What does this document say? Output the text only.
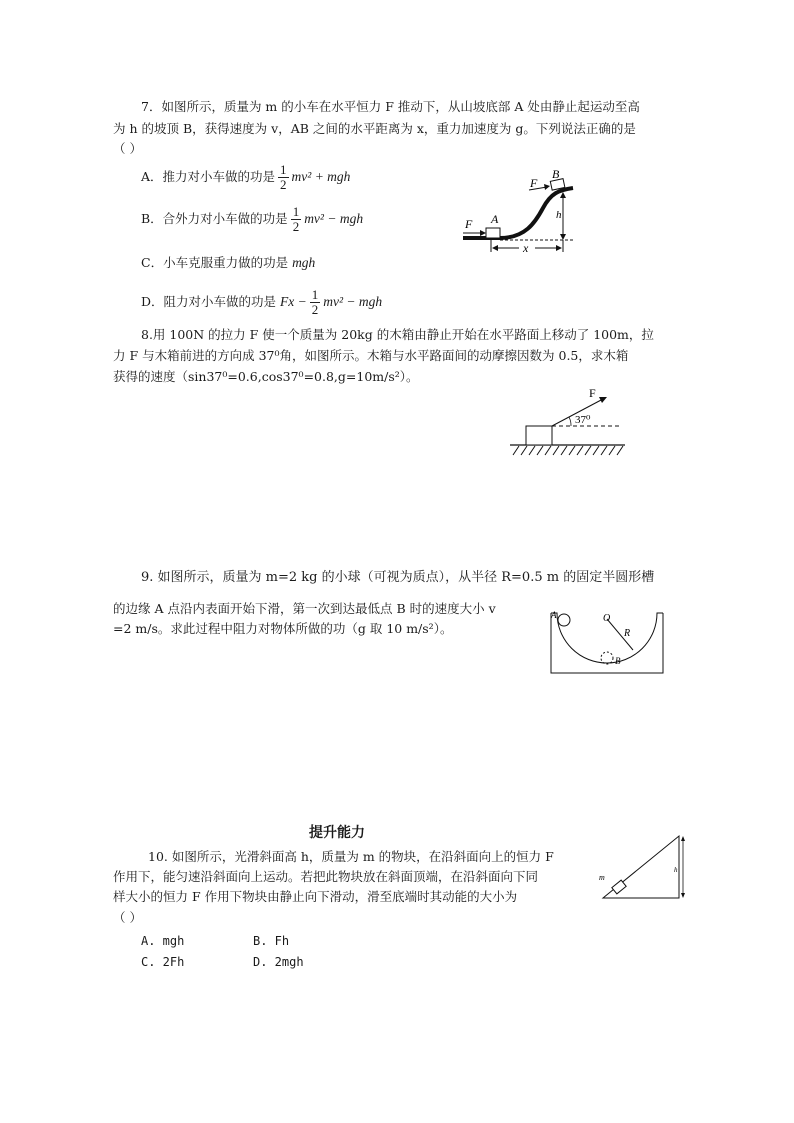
7．如图所示，质量为 m 的小车在水平恒力 F 推动下，从山坡底部 A 处由静止起运动至高
为 h 的坡顶 B，获得速度为 v，AB 之间的水平距离为 x，重力加速度为 g。下列说法正确的是
（ ）
A．推力对小车做的功是 $\frac{1}{2} mv^2$ + mgh
B．合外力对小车做的功是 $\frac{1}{2} mv^2$ − mgh
C．小车克服重力做的功是 mgh
D．阻力对小车做的功是 $Fx - \frac{1}{2} mv^2$ − mgh
F A
F
B
h
x
8.用 100N 的拉力 F 使一个质量为 20kg 的木箱由静止开始在水平路面上移动了 100m，拉
力 F 与木箱前进的方向成 37⁰角，如图所示。木箱与水平路面间的动摩擦因数为 0.5，求木箱
获得的速度（sin37⁰=0.6,cos37⁰=0.8,g=10m/s²）。
F
37⁰
9. 如图所示，质量为 m=2 kg 的小球（可视为质点），从半径 R=0.5 m 的固定半圆形槽
的边缘 A 点沿内表面开始下滑，第一次到达最低点 B 时的速度大小 v
=2 m/s。求此过程中阻力对物体所做的功（g 取 10 m/s²）。
A	O
R
B
提升能力
10. 如图所示，光滑斜面高 h，质量为 m 的物块，在沿斜面向上的恒力 F
作用下，能匀速沿斜面向上运动。若把此物块放在斜面顶端，在沿斜面向下同
样大小的恒力 F 作用下物块由静止向下滑动，滑至底端时其动能的大小为
（ ）
A. mgh	B. Fh
C. 2Fh	D. 2mgh
m
h
